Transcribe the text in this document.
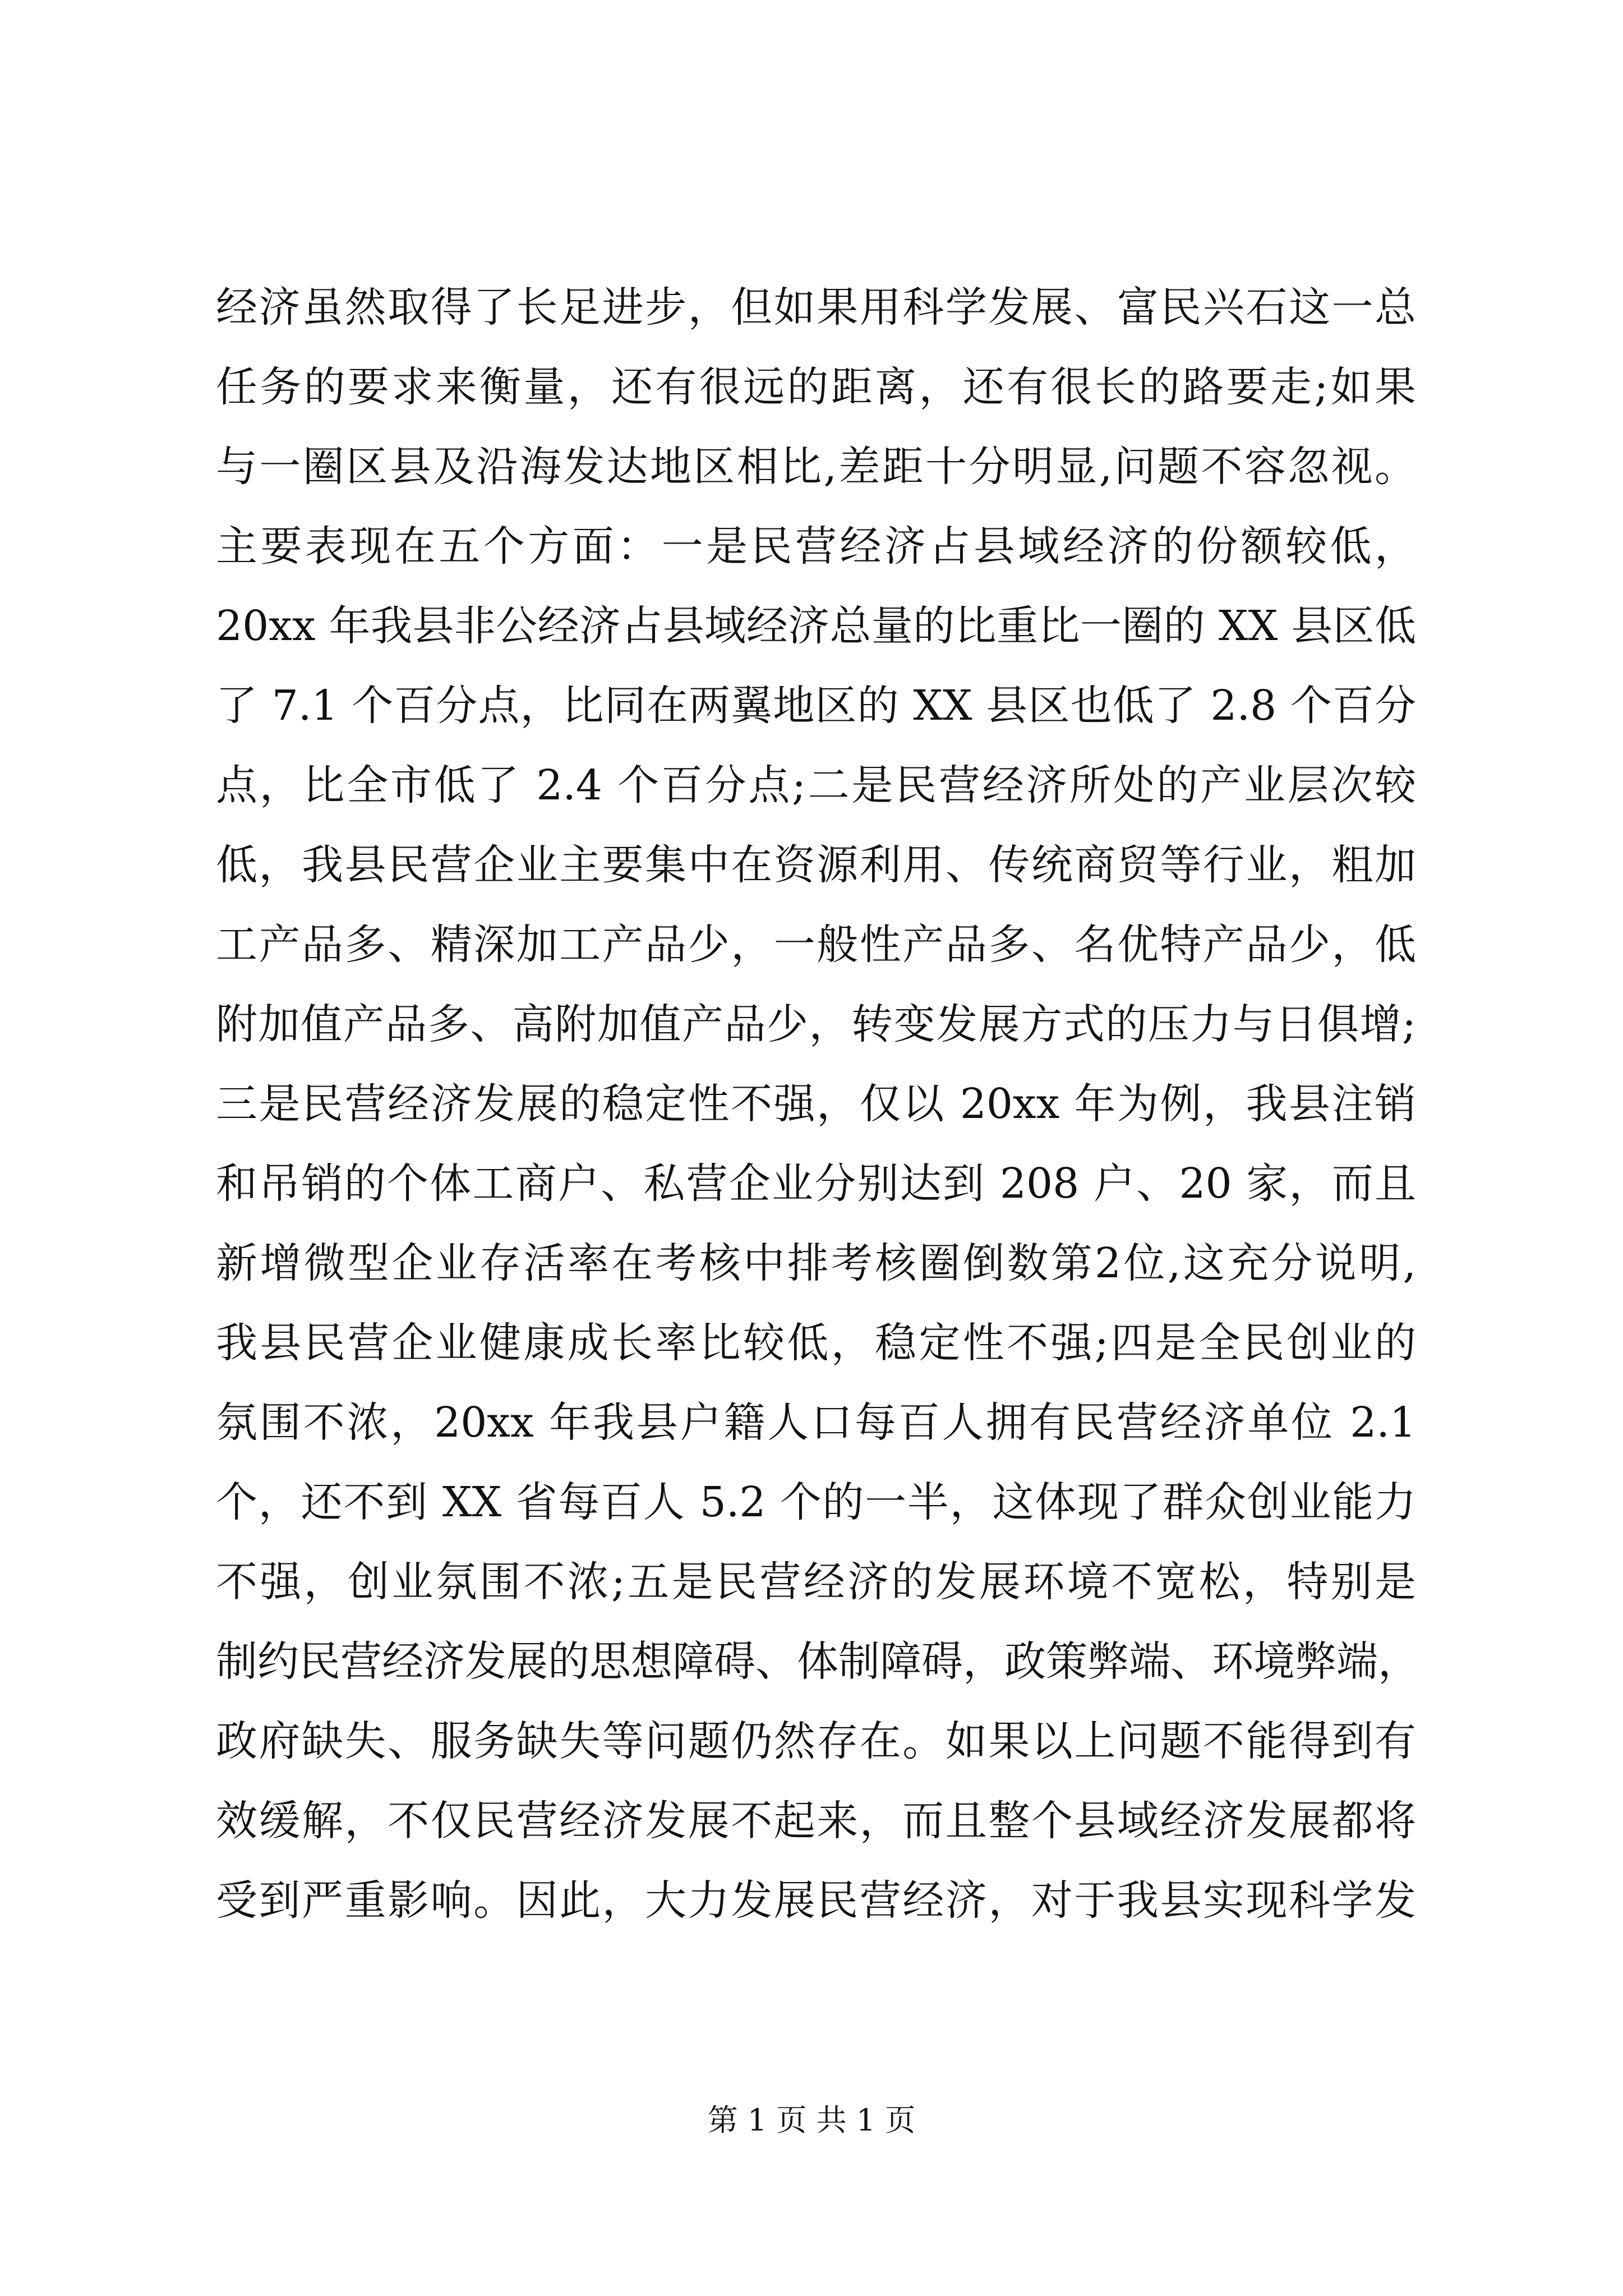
经济虽然取得了长足进步，但如果用科学发展、富民兴石这一总
任务的要求来衡量，还有很远的距离，还有很长的路要走;如果
与一圈区县及沿海发达地区相比,差距十分明显,问题不容忽视。
主要表现在五个方面：一是民营经济占县域经济的份额较低，
20xx 年我县非公经济占县域经济总量的比重比一圈的 XX 县区低
了 7.1 个百分点，比同在两翼地区的 XX 县区也低了 2.8 个百分
点，比全市低了 2.4 个百分点;二是民营经济所处的产业层次较
低，我县民营企业主要集中在资源利用、传统商贸等行业，粗加
工产品多、精深加工产品少，一般性产品多、名优特产品少，低
附加值产品多、高附加值产品少，转变发展方式的压力与日俱增;
三是民营经济发展的稳定性不强，仅以 20xx 年为例，我县注销
和吊销的个体工商户、私营企业分别达到 208 户、20 家，而且
新增微型企业存活率在考核中排考核圈倒数第2位,这充分说明,
我县民营企业健康成长率比较低，稳定性不强;四是全民创业的
氛围不浓，20xx 年我县户籍人口每百人拥有民营经济单位 2.1
个，还不到 XX 省每百人 5.2 个的一半，这体现了群众创业能力
不强，创业氛围不浓;五是民营经济的发展环境不宽松，特别是
制约民营经济发展的思想障碍、体制障碍，政策弊端、环境弊端，
政府缺失、服务缺失等问题仍然存在。如果以上问题不能得到有
效缓解，不仅民营经济发展不起来，而且整个县域经济发展都将
受到严重影响。因此，大力发展民营经济，对于我县实现科学发
第 1 页 共 1 页
